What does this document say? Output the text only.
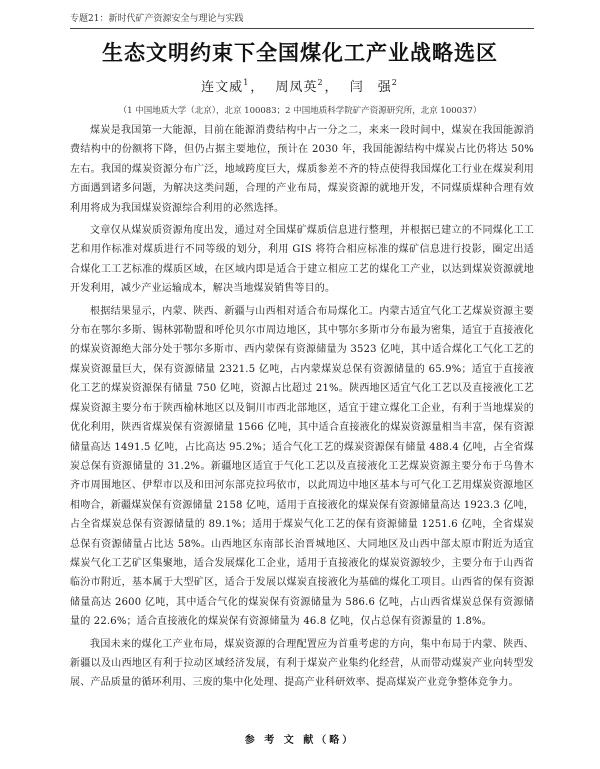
专题21：新时代矿产资源安全与理论与实践
生态文明约束下全国煤化工产业战略选区
连文威$^1$， 周凤英$^2$， 闫　强$^2$
（1 中国地质大学（北京），北京 100083；2 中国地质科学院矿产资源研究所，北京 100037）

煤炭是我国第一大能源，目前在能源消费结构中占一分之二，来来一段时间中，煤炭在我国能源消费结构中的份额将下降，但仍占据主要地位，预计在 2030 年，我国能源结构中煤炭占比仍将达 50%左右。我国的煤炭资源分布广泛，地域跨度巨大，煤质参差不齐的特点使得我国煤化工行业在煤炭利用方面遇到诸多问题，为解决这类问题，合理的产业布局，煤炭资源的就地开发，不同煤质煤种合理有效利用将成为我国煤炭资源综合利用的必然选择。

文章仅从煤炭质资源角度出发，通过对全国煤矿煤质信息进行整理，并根据已建立的不同煤化工工艺和用作标准对煤质进行不同等级的划分，利用 GIS 将符合相应标准的煤矿信息进行投影，圈定出适合煤化工工艺标准的煤质区域，在区域内即是适合于建立相应工艺的煤化工产业，以达到煤炭资源就地开发利用，减少产业运输成本，解决当地煤炭销售等目的。

根据结果显示，内蒙、陕西、新疆与山西相对适合布局煤化工。内蒙古适宜气化工艺煤炭资源主要分布在鄂尔多斯、锡林郭勒盟和呼伦贝尔市周边地区，其中鄂尔多斯市分布最为密集，适宜于直接液化的煤炭资源绝大部分处于鄂尔多斯市、西内蒙保有资源储量为 3523 亿吨，其中适合煤化工气化工艺的煤炭资源量巨大，保有资源储量 2321.5 亿吨，占内蒙煤炭总保有资源储量的 65.9%；适宜于直接液化工艺的煤炭资源保有储量 750 亿吨，资源占比超过 21%。陕西地区适宜气化工艺以及直接液化工艺煤炭资源主要分布于陕西榆林地区以及铜川市西北部地区，适宜于建立煤化工企业，有利于当地煤炭的优化利用，陕西省煤炭保有资源储量 1566 亿吨，其中适合直接液化的煤炭资源量相当丰富，保有资源储量高达 1491.5 亿吨，占比高达 95.2%；适合气化工艺的煤炭资源保有储量 488.4 亿吨，占全省煤炭总保有资源储量的 31.2%。新疆地区适宜于气化工艺以及直接液化工艺煤炭资源主要分布于乌鲁木齐市周围地区、伊犁市以及和田河东部克拉玛依市，以此周边中地区基本与可气化工艺用煤炭资源地区相吻合，新疆煤炭保有资源储量 2158 亿吨，适用于直接液化的煤炭保有资源储量高达 1923.3 亿吨，占全省煤炭总保有资源储量的 89.1%；适用于煤炭气化工艺的保有资源储量 1251.6 亿吨，全省煤炭总保有资源储量占比达 58%。山西地区东南部长治晋城地区、大同地区及山西中部太原市附近为适宜煤炭气化工艺矿区集聚地，适合发展煤化工企业，适用于直接液化的煤炭资源较少，主要分布于山西省临汾市附近，基本属于大型矿区，适合于发展以煤炭直接液化为基础的煤化工项目。山西省的保有资源储量高达 2600 亿吨，其中适合气化的煤炭保有资源储量为 586.6 亿吨，占山西省煤炭总保有资源储量的 22.6%；适合直接液化的煤炭保有资源储量为 46.8 亿吨，仅占总保有资源量的 1.8%。

我国未来的煤化工产业布局，煤炭资源的合理配置应为首重考虑的方向，集中布局于内蒙、陕西、新疆以及山西地区有利于拉动区域经济发展，有利于煤炭产业集约化经营，从而带动煤炭产业向转型发展、产品质量的循环利用、三废的集中化处理、提高产业科研效率、提高煤炭产业竞争整体竞争力。

参 考 文 献（略）
